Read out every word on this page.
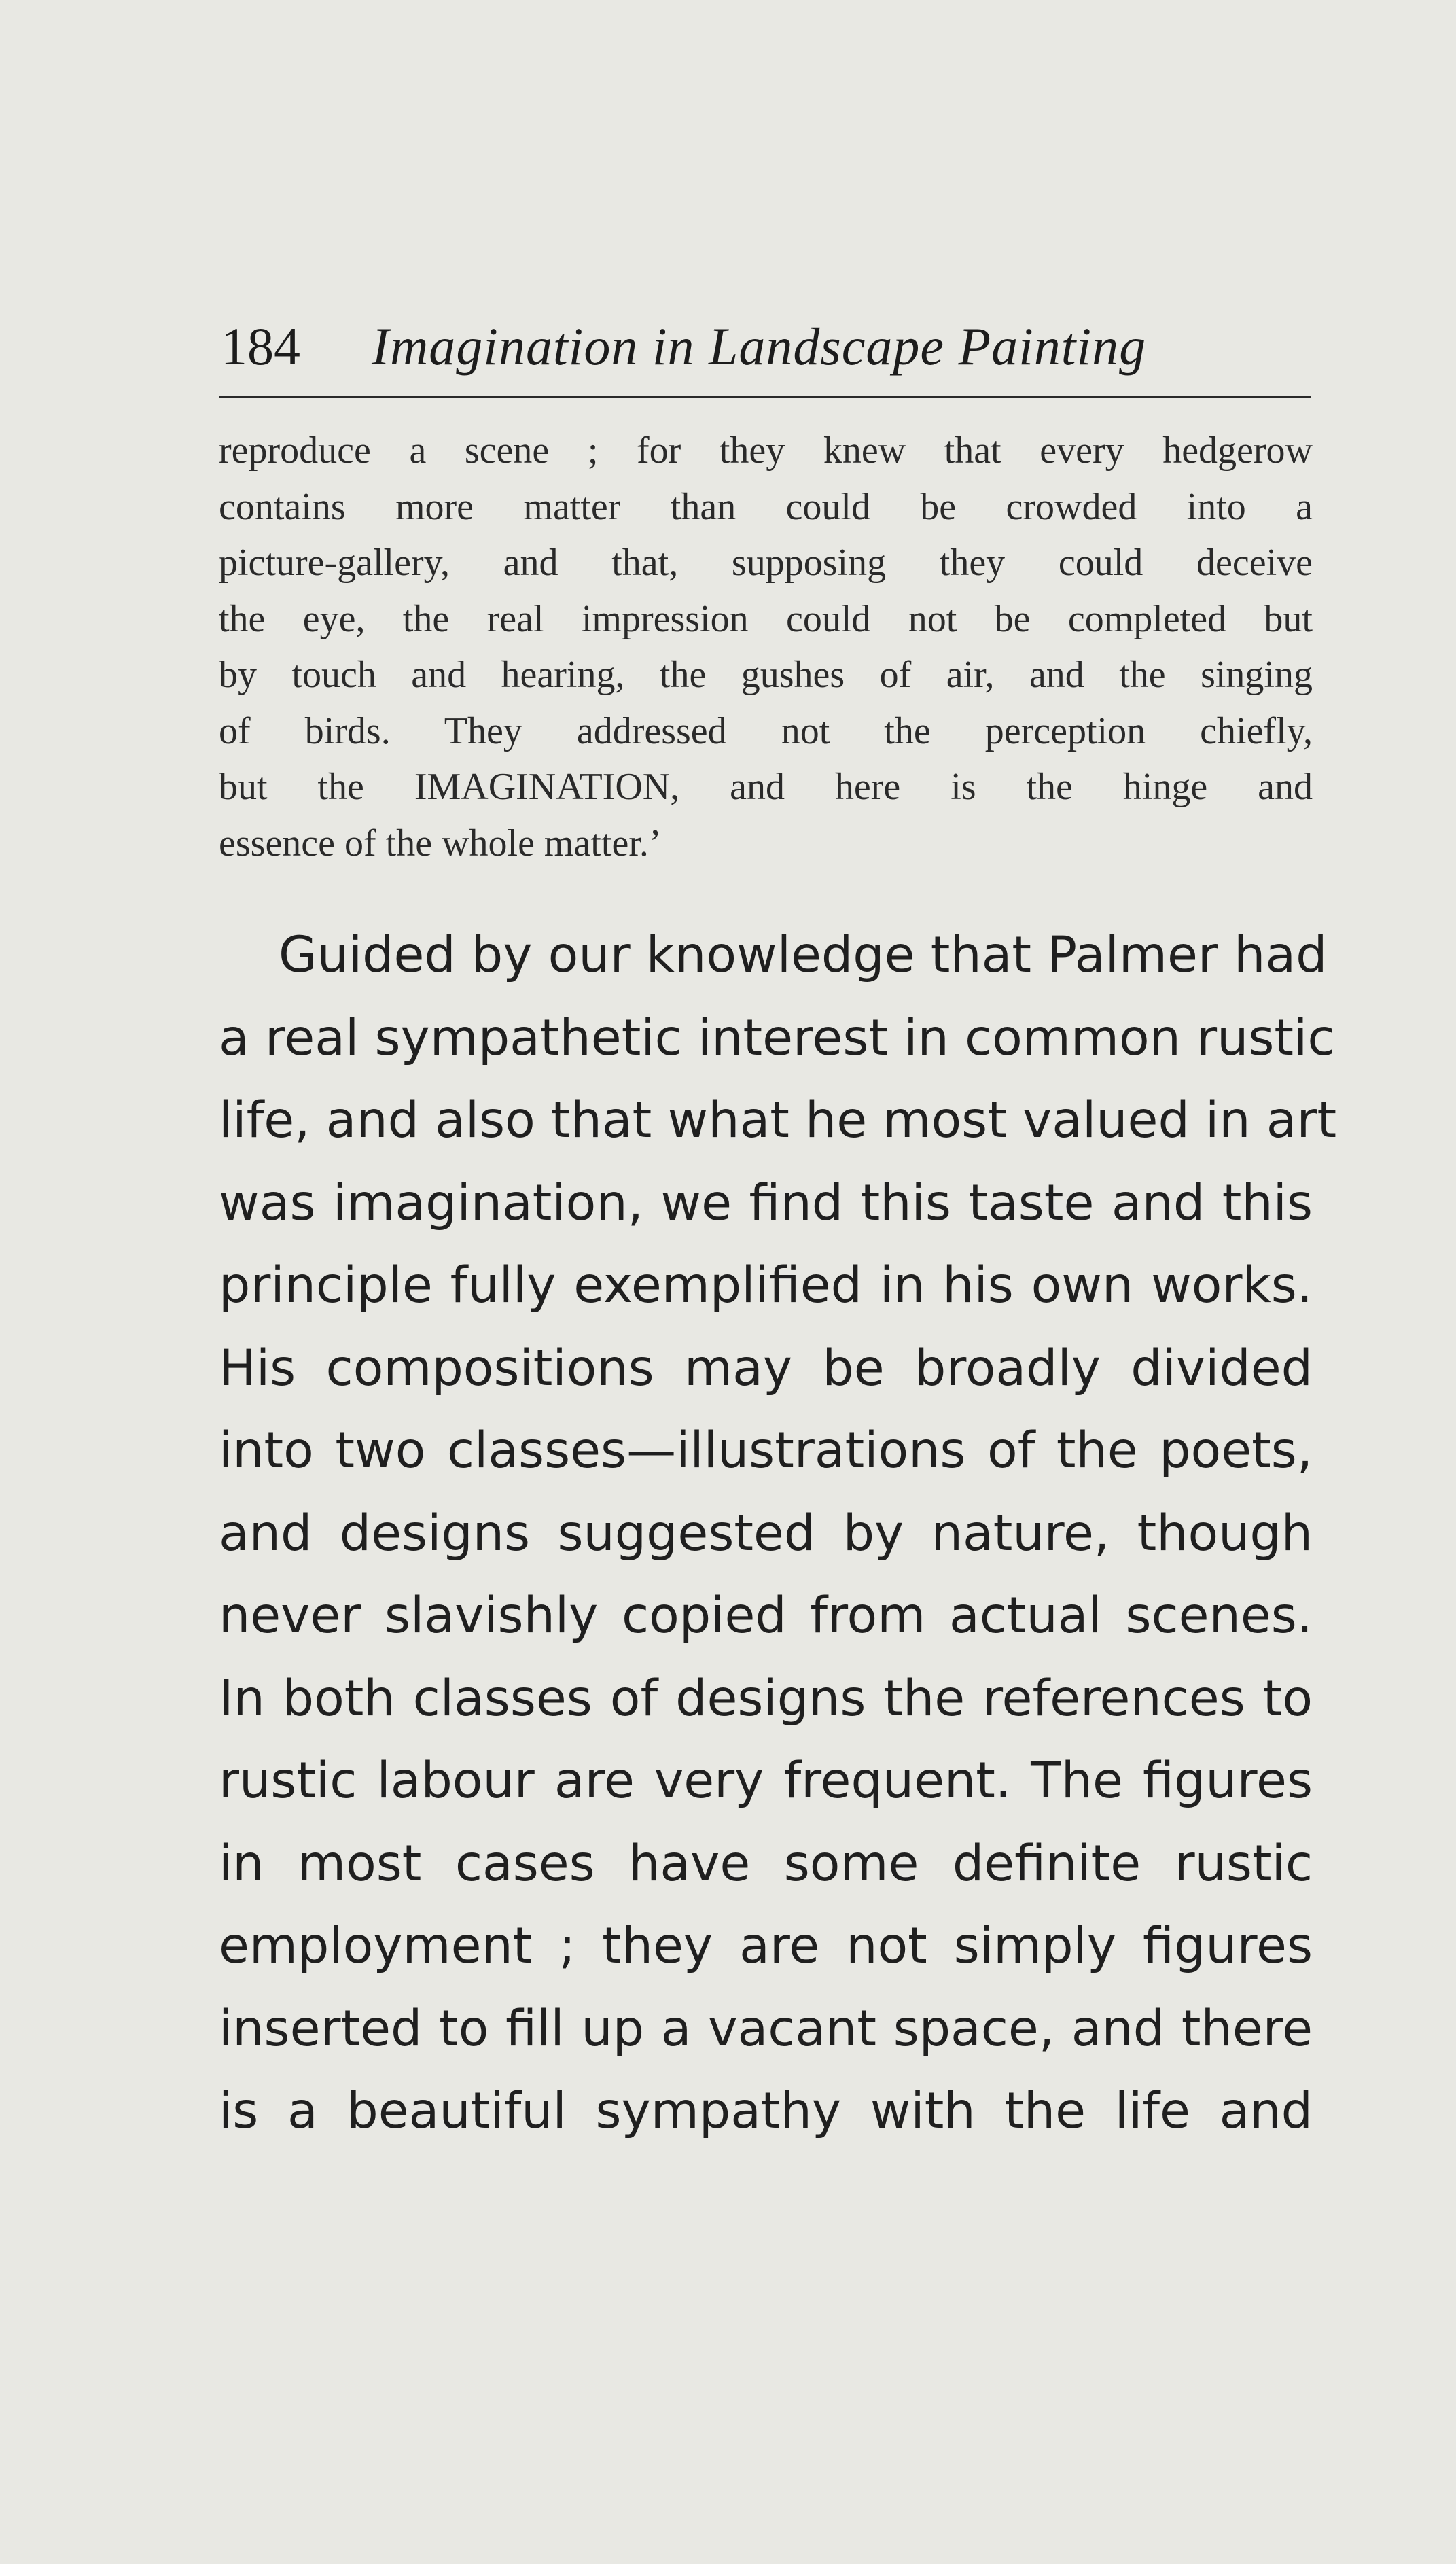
184 Imagination in Landscape Painting
reproduce a scene ; for they knew that every hedgerow
contains more matter than could be crowded into a
picture-gallery, and that, supposing they could deceive
the eye, the real impression could not be completed but
by touch and hearing, the gushes of air, and the singing
of birds. They addressed not the perception chiefly,
but the IMAGINATION, and here is the hinge and
essence of the whole matter.’
Guided by our knowledge that Palmer had
a real sympathetic interest in common rustic
life, and also that what he most valued in art
was imagination, we find this taste and this
principle fully exemplified in his own works.
His compositions may be broadly divided
into two classes—illustrations of the poets,
and designs suggested by nature, though
never slavishly copied from actual scenes.
In both classes of designs the references to
rustic labour are very frequent. The figures
in most cases have some definite rustic
employment ; they are not simply figures
inserted to fill up a vacant space, and there
is a beautiful sympathy with the life and
